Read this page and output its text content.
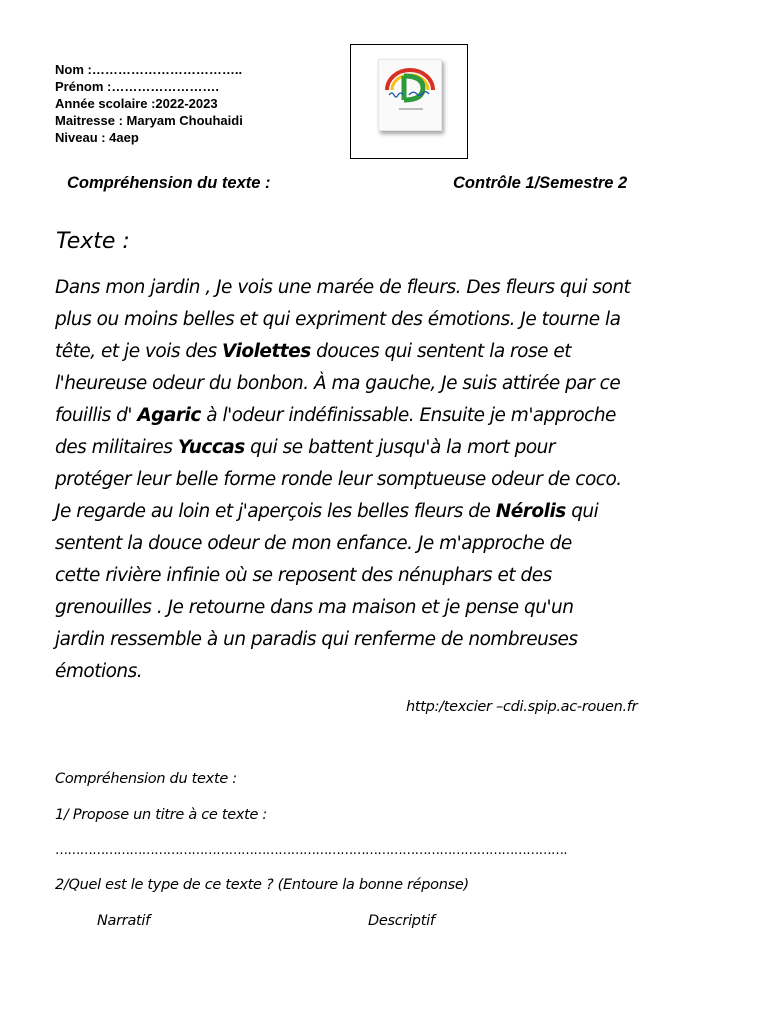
Nom :……………………………..
Prénom :…………………….
Année scolaire :2022-2023
Maitresse : Maryam Chouhaidi
Niveau : 4aep
Compréhension du texte :	Contrôle 1/Semestre 2
Texte :
Dans mon jardin , Je vois une marée de fleurs. Des fleurs qui sont
plus ou moins belles et qui expriment des émotions. Je tourne la
tête, et je vois des Violettes douces qui sentent la rose et
l'heureuse odeur du bonbon. À ma gauche, Je suis attirée par ce
fouillis d' Agaric à l'odeur indéfinissable. Ensuite je m'approche
des militaires Yuccas qui se battent jusqu'à la mort pour
protéger leur belle forme ronde leur somptueuse odeur de coco.
Je regarde au loin et j'aperçois les belles fleurs de Nérolis qui
sentent la douce odeur de mon enfance. Je m'approche de
cette rivière infinie où se reposent des nénuphars et des
grenouilles . Je retourne dans ma maison et je pense qu'un
jardin ressemble à un paradis qui renferme de nombreuses
émotions.
http:/texcier –cdi.spip.ac-rouen.fr
Compréhension du texte :
1/ Propose un titre à ce texte :
…………………………………………………………………………………………………………….
2/Quel est le type de ce texte ? (Entoure la bonne réponse)
Narratif	Descriptif
